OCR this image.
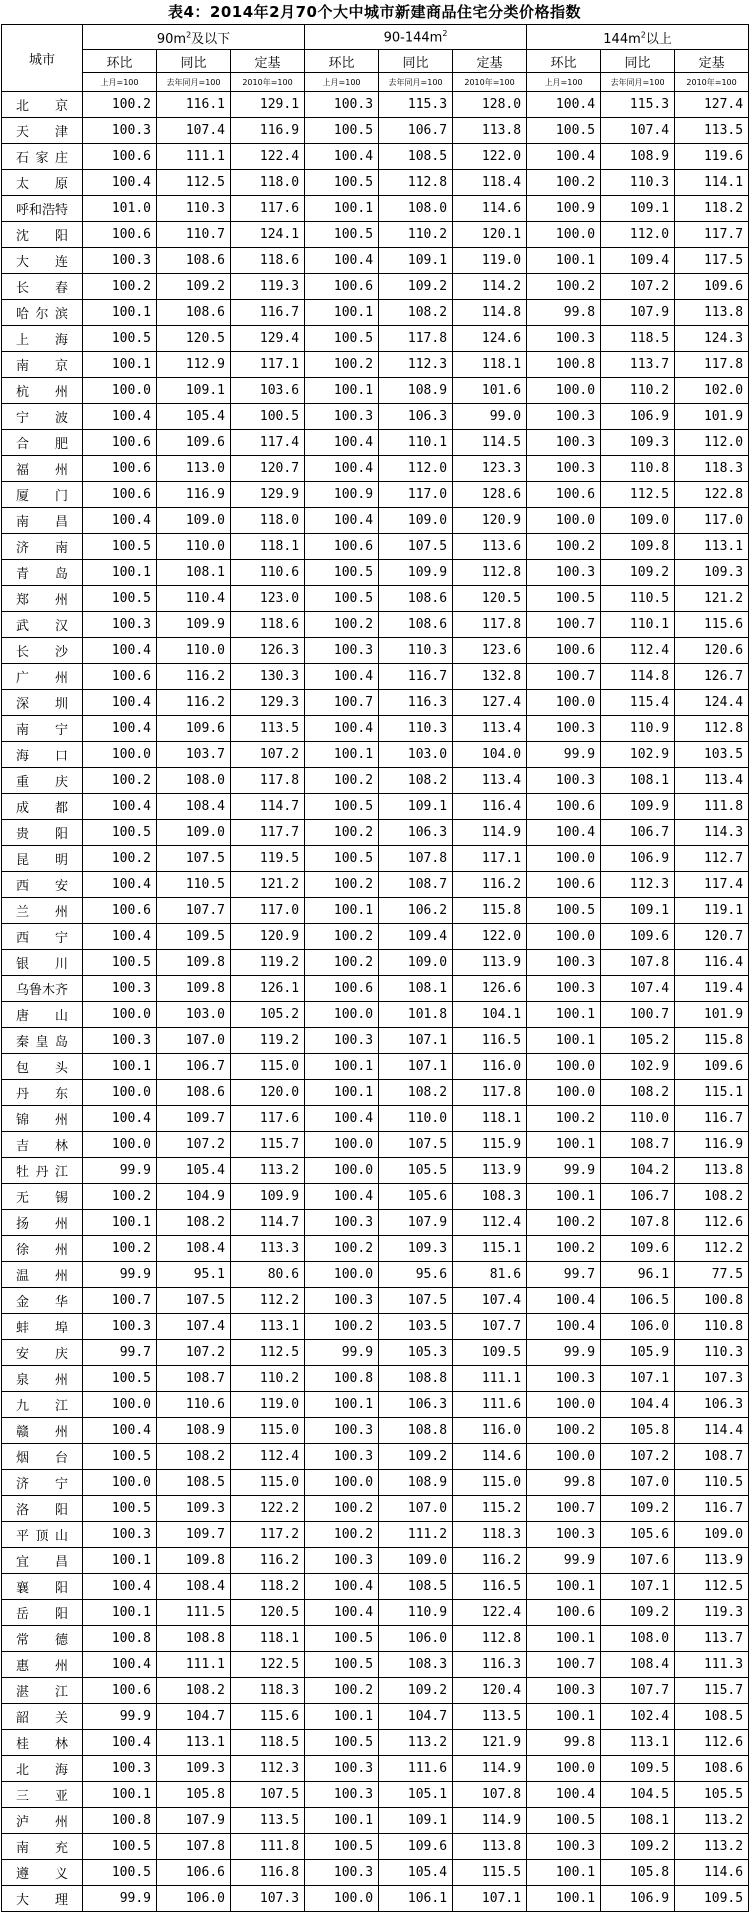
表4：2014年2月70个大中城市新建商品住宅分类价格指数
城市	$90m^2$及以下			$90-144m^2$			$144m^2$以上		
	环比	同比	定基	环比	同比	定基	环比	同比	定基
	上月=100	去年同月=100	2010年=100	上月=100	去年同月=100	2010年=100	上月=100	去年同月=100	2010年=100
北京	100.2	116.1	129.1	100.3	115.3	128.0	100.4	115.3	127.4
天津	100.3	107.4	116.9	100.5	106.7	113.8	100.5	107.4	113.5
石家庄	100.6	111.1	122.4	100.4	108.5	122.0	100.4	108.9	119.6
太原	100.4	112.5	118.0	100.5	112.8	118.4	100.2	110.3	114.1
呼和浩特	101.0	110.3	117.6	100.1	108.0	114.6	100.9	109.1	118.2
沈阳	100.6	110.7	124.1	100.5	110.2	120.1	100.0	112.0	117.7
大连	100.3	108.6	118.6	100.4	109.1	119.0	100.1	109.4	117.5
长春	100.2	109.2	119.3	100.6	109.2	114.2	100.2	107.2	109.6
哈尔滨	100.1	108.6	116.7	100.1	108.2	114.8	99.8	107.9	113.8
上海	100.5	120.5	129.4	100.5	117.8	124.6	100.3	118.5	124.3
南京	100.1	112.9	117.1	100.2	112.3	118.1	100.8	113.7	117.8
杭州	100.0	109.1	103.6	100.1	108.9	101.6	100.0	110.2	102.0
宁波	100.4	105.4	100.5	100.3	106.3	99.0	100.3	106.9	101.9
合肥	100.6	109.6	117.4	100.4	110.1	114.5	100.3	109.3	112.0
福州	100.6	113.0	120.7	100.4	112.0	123.3	100.3	110.8	118.3
厦门	100.6	116.9	129.9	100.9	117.0	128.6	100.6	112.5	122.8
南昌	100.4	109.0	118.0	100.4	109.0	120.9	100.0	109.0	117.0
济南	100.5	110.0	118.1	100.6	107.5	113.6	100.2	109.8	113.1
青岛	100.1	108.1	110.6	100.5	109.9	112.8	100.3	109.2	109.3
郑州	100.5	110.4	123.0	100.5	108.6	120.5	100.5	110.5	121.2
武汉	100.3	109.9	118.6	100.2	108.6	117.8	100.7	110.1	115.6
长沙	100.4	110.0	126.3	100.3	110.3	123.6	100.6	112.4	120.6
广州	100.6	116.2	130.3	100.4	116.7	132.8	100.7	114.8	126.7
深圳	100.4	116.2	129.3	100.7	116.3	127.4	100.0	115.4	124.4
南宁	100.4	109.6	113.5	100.4	110.3	113.4	100.3	110.9	112.8
海口	100.0	103.7	107.2	100.1	103.0	104.0	99.9	102.9	103.5
重庆	100.2	108.0	117.8	100.2	108.2	113.4	100.3	108.1	113.4
成都	100.4	108.4	114.7	100.5	109.1	116.4	100.6	109.9	111.8
贵阳	100.5	109.0	117.7	100.2	106.3	114.9	100.4	106.7	114.3
昆明	100.2	107.5	119.5	100.5	107.8	117.1	100.0	106.9	112.7
西安	100.4	110.5	121.2	100.2	108.7	116.2	100.6	112.3	117.4
兰州	100.6	107.7	117.0	100.1	106.2	115.8	100.5	109.1	119.1
西宁	100.4	109.5	120.9	100.2	109.4	122.0	100.0	109.6	120.7
银川	100.5	109.8	119.2	100.2	109.0	113.9	100.3	107.8	116.4
乌鲁木齐	100.3	109.8	126.1	100.6	108.1	126.6	100.3	107.4	119.4
唐山	100.0	103.0	105.2	100.0	101.8	104.1	100.1	100.7	101.9
秦皇岛	100.3	107.0	119.2	100.3	107.1	116.5	100.1	105.2	115.8
包头	100.1	106.7	115.0	100.1	107.1	116.0	100.0	102.9	109.6
丹东	100.0	108.6	120.0	100.1	108.2	117.8	100.0	108.2	115.1
锦州	100.4	109.7	117.6	100.4	110.0	118.1	100.2	110.0	116.7
吉林	100.0	107.2	115.7	100.0	107.5	115.9	100.1	108.7	116.9
牡丹江	99.9	105.4	113.2	100.0	105.5	113.9	99.9	104.2	113.8
无锡	100.2	104.9	109.9	100.4	105.6	108.3	100.1	106.7	108.2
扬州	100.1	108.2	114.7	100.3	107.9	112.4	100.2	107.8	112.6
徐州	100.2	108.4	113.3	100.2	109.3	115.1	100.2	109.6	112.2
温州	99.9	95.1	80.6	100.0	95.6	81.6	99.7	96.1	77.5
金华	100.7	107.5	112.2	100.3	107.5	107.4	100.4	106.5	100.8
蚌埠	100.3	107.4	113.1	100.2	103.5	107.7	100.4	106.0	110.8
安庆	99.7	107.2	112.5	99.9	105.3	109.5	99.9	105.9	110.3
泉州	100.5	108.7	110.2	100.8	108.8	111.1	100.3	107.1	107.3
九江	100.0	110.6	119.0	100.1	106.3	111.6	100.0	104.4	106.3
赣州	100.4	108.9	115.0	100.3	108.8	116.0	100.2	105.8	114.4
烟台	100.5	108.2	112.4	100.3	109.2	114.6	100.0	107.2	108.7
济宁	100.0	108.5	115.0	100.0	108.9	115.0	99.8	107.0	110.5
洛阳	100.5	109.3	122.2	100.2	107.0	115.2	100.7	109.2	116.7
平顶山	100.3	109.7	117.2	100.2	111.2	118.3	100.3	105.6	109.0
宜昌	100.1	109.8	116.2	100.3	109.0	116.2	99.9	107.6	113.9
襄阳	100.4	108.4	118.2	100.4	108.5	116.5	100.1	107.1	112.5
岳阳	100.1	111.5	120.5	100.4	110.9	122.4	100.6	109.2	119.3
常德	100.8	108.8	118.1	100.5	106.0	112.8	100.1	108.0	113.7
惠州	100.4	111.1	122.5	100.5	108.3	116.3	100.7	108.4	111.3
湛江	100.6	108.2	118.3	100.2	109.2	120.4	100.3	107.7	115.7
韶关	99.9	104.7	115.6	100.1	104.7	113.5	100.1	102.4	108.5
桂林	100.4	113.1	118.5	100.5	113.2	121.9	99.8	113.1	112.6
北海	100.3	109.3	112.3	100.3	111.6	114.9	100.0	109.5	108.6
三亚	100.1	105.8	107.5	100.3	105.1	107.8	100.4	104.5	105.5
泸州	100.8	107.9	113.5	100.1	109.1	114.9	100.5	108.1	113.2
南充	100.5	107.8	111.8	100.5	109.6	113.8	100.3	109.2	113.2
遵义	100.5	106.6	116.8	100.3	105.4	115.5	100.1	105.8	114.6
大理	99.9	106.0	107.3	100.0	106.1	107.1	100.1	106.9	109.5
